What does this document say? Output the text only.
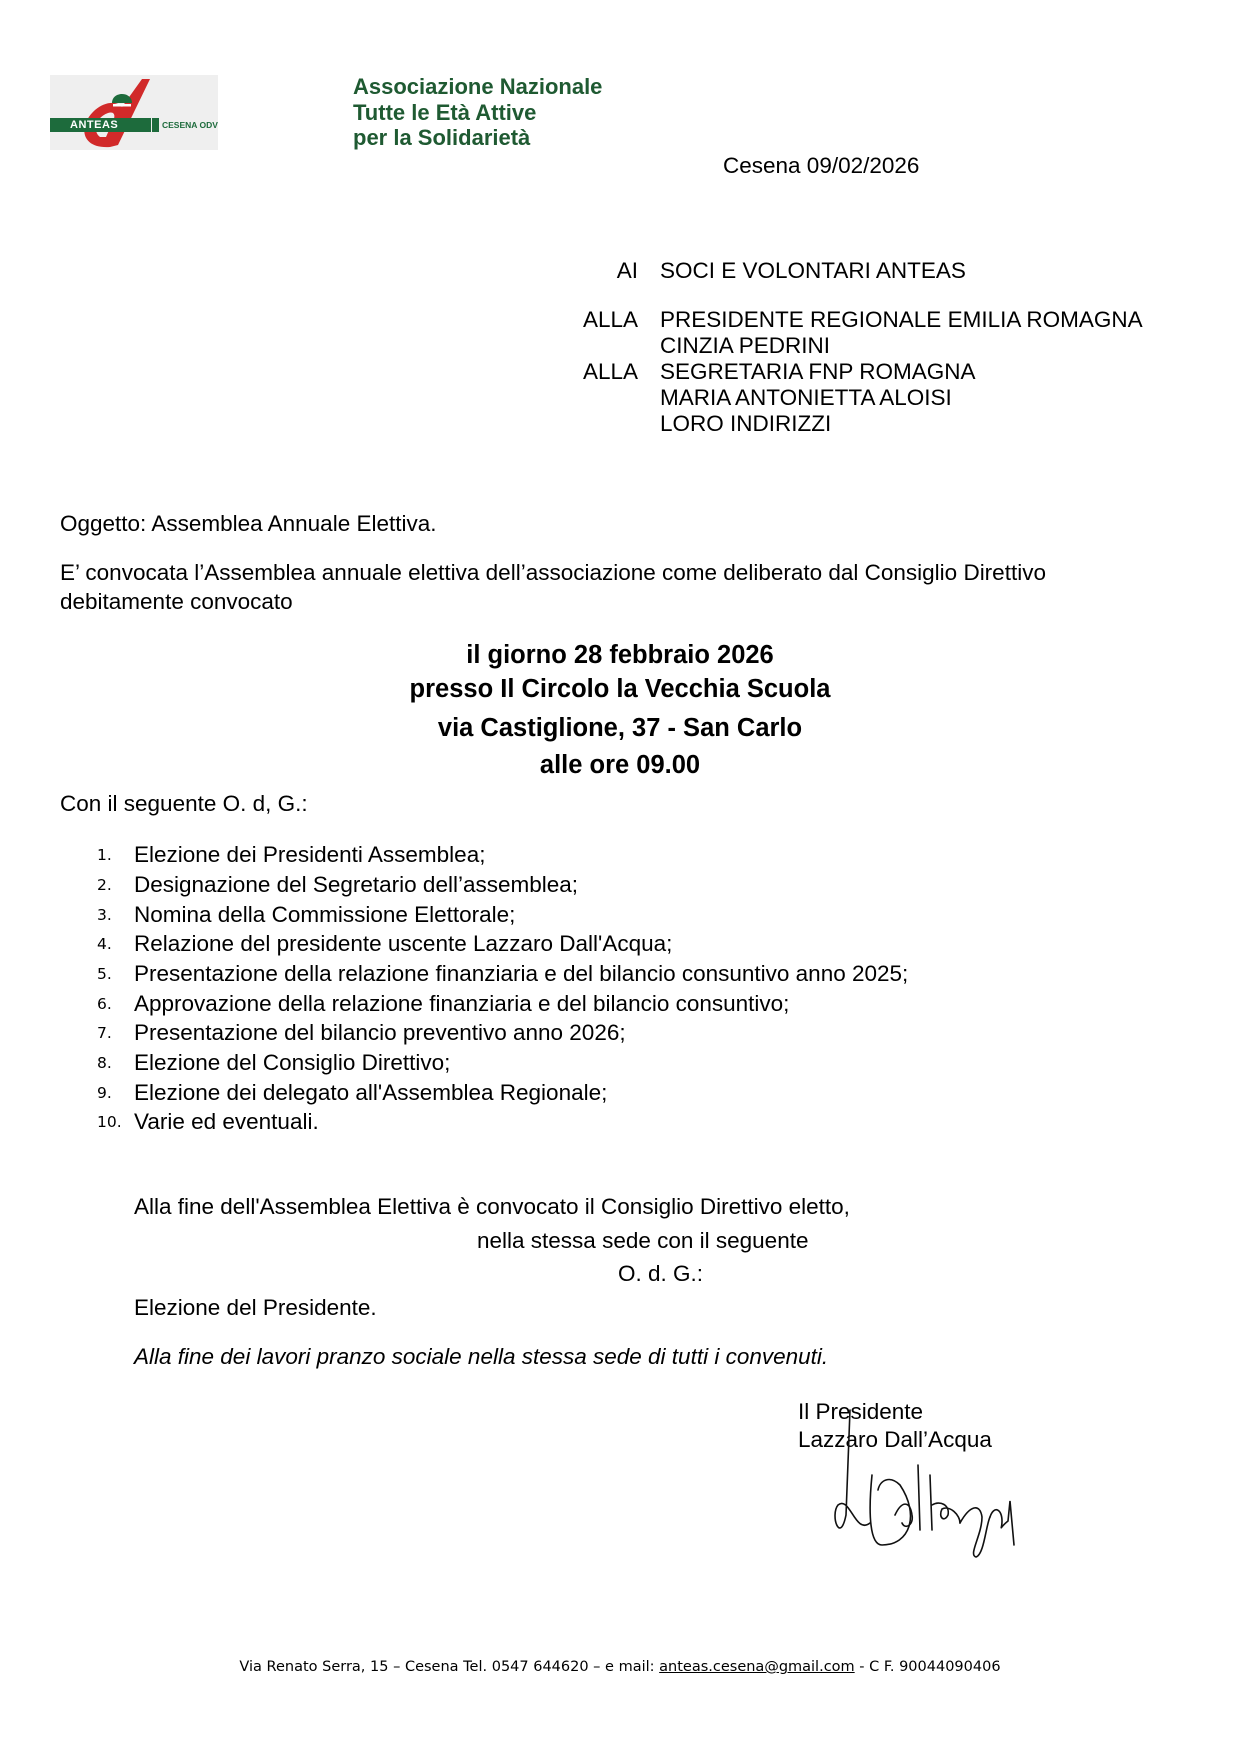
ANTEAS	CESENA ODV
Associazione Nazionale
Tutte le Età Attive
per la Solidarietà
Cesena 09/02/2026
AI SOCI E VOLONTARI ANTEAS
ALLA PRESIDENTE REGIONALE EMILIA ROMAGNA
CINZIA PEDRINI
ALLA SEGRETARIA FNP ROMAGNA
MARIA ANTONIETTA ALOISI
LORO INDIRIZZI
Oggetto: Assemblea Annuale Elettiva.
E’ convocata l’Assemblea annuale elettiva dell’associazione come deliberato dal Consiglio Direttivo
debitamente convocato
il giorno 28 febbraio 2026
presso Il Circolo la Vecchia Scuola
via Castiglione, 37 - San Carlo
alle ore 09.00
Con il seguente O. d, G.:
1. Elezione dei Presidenti Assemblea;
2. Designazione del Segretario dell’assemblea;
3. Nomina della Commissione Elettorale;
4. Relazione del presidente uscente Lazzaro Dall'Acqua;
5. Presentazione della relazione finanziaria e del bilancio consuntivo anno 2025;
6. Approvazione della relazione finanziaria e del bilancio consuntivo;
7. Presentazione del bilancio preventivo anno 2026;
8. Elezione del Consiglio Direttivo;
9. Elezione dei delegato all'Assemblea Regionale;
10. Varie ed eventuali.
Alla fine dell'Assemblea Elettiva è convocato il Consiglio Direttivo eletto,
nella stessa sede con il seguente
O. d. G.:
Elezione del Presidente.
Alla fine dei lavori pranzo sociale nella stessa sede di tutti i convenuti.
Il Presidente
Lazzaro Dall’Acqua
Via Renato Serra, 15 – Cesena Tel. 0547 644620 – e mail: anteas.cesena@gmail.com - C F. 90044090406
